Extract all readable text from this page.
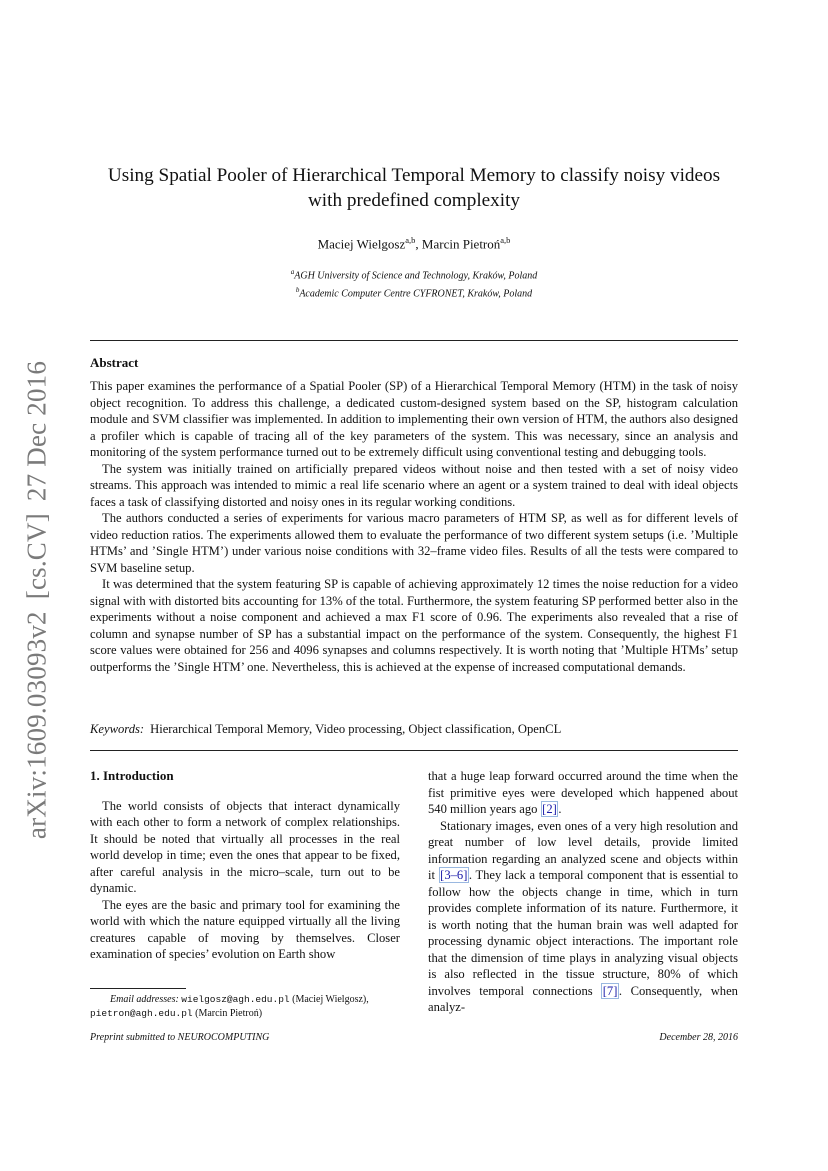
arXiv:1609.03093v2[cs.CV]27 Dec 2016
Using Spatial Pooler of Hierarchical Temporal Memory to classify noisy videos
with predefined complexity
Maciej Wielgosz$^{a,b}$, Marcin Pietroń$^{a,b}$
$^a$AGH University of Science and Technology, Kraków, Poland
$^b$Academic Computer Centre CYFRONET, Kraków, Poland
Abstract

This paper examines the performance of a Spatial Pooler (SP) of a Hierarchical Temporal Memory (HTM) in the task of noisy object recognition. To address this challenge, a dedicated custom-designed system based on the SP, histogram calculation module and SVM classifier was implemented. In addition to implementing their own version of HTM, the authors also designed a profiler which is capable of tracing all of the key parameters of the system. This was necessary, since an analysis and monitoring of the system performance turned out to be extremely difficult using conventional testing and debugging tools.

The system was initially trained on artificially prepared videos without noise and then tested with a set of noisy video streams. This approach was intended to mimic a real life scenario where an agent or a system trained to deal with ideal objects faces a task of classifying distorted and noisy ones in its regular working conditions.

The authors conducted a series of experiments for various macro parameters of HTM SP, as well as for different levels of video reduction ratios. The experiments allowed them to evaluate the performance of two different system setups (i.e. ’Multiple HTMs’ and ’Single HTM’) under various noise conditions with 32–frame video files. Results of all the tests were compared to SVM baseline setup.

It was determined that the system featuring SP is capable of achieving approximately 12 times the noise reduction for a video signal with with distorted bits accounting for 13% of the total. Furthermore, the system featuring SP performed better also in the experiments without a noise component and achieved a max F1 score of 0.96. The experiments also revealed that a rise of column and synapse number of SP has a substantial impact on the performance of the system. Consequently, the highest F1 score values were obtained for 256 and 4096 synapses and columns respectively. It is worth noting that ’Multiple HTMs’ setup outperforms the ’Single HTM’ one. Nevertheless, this is achieved at the expense of increased computational demands.

Keywords: Hierarchical Temporal Memory, Video processing, Object classification, OpenCL
1. Introduction

The world consists of objects that interact dynamically with each other to form a network of complex relationships. It should be noted that virtually all processes in the real world develop in time; even the ones that appear to be fixed, after careful analysis in the micro–scale, turn out to be dynamic.

The eyes are the basic and primary tool for examining the world with which the nature equipped virtually all the living creatures capable of moving by themselves. Closer examination of species’ evolution on Earth show

that a huge leap forward occurred around the time when the fist primitive eyes were developed which happened about 540 million years ago [2] .

Stationary images, even ones of a very high resolution and great number of low level details, provide limited information regarding an analyzed scene and objects within it [3–6] . They lack a temporal component that is essential to follow how the objects change in time, which in turn provides complete information of its nature. Furthermore, it is worth noting that the human brain was well adapted for processing dynamic object interactions. The important role that the dimension of time plays in analyzing visual objects is also reflected in the tissue structure, 80% of which involves temporal connections [7] . Consequently, when analyz-

Email addresses: wielgosz@agh.edu.pl (Maciej Wielgosz),
pietron@agh.edu.pl (Marcin Pietroń)
Preprint submitted to NEUROCOMPUTING	December 28, 2016
